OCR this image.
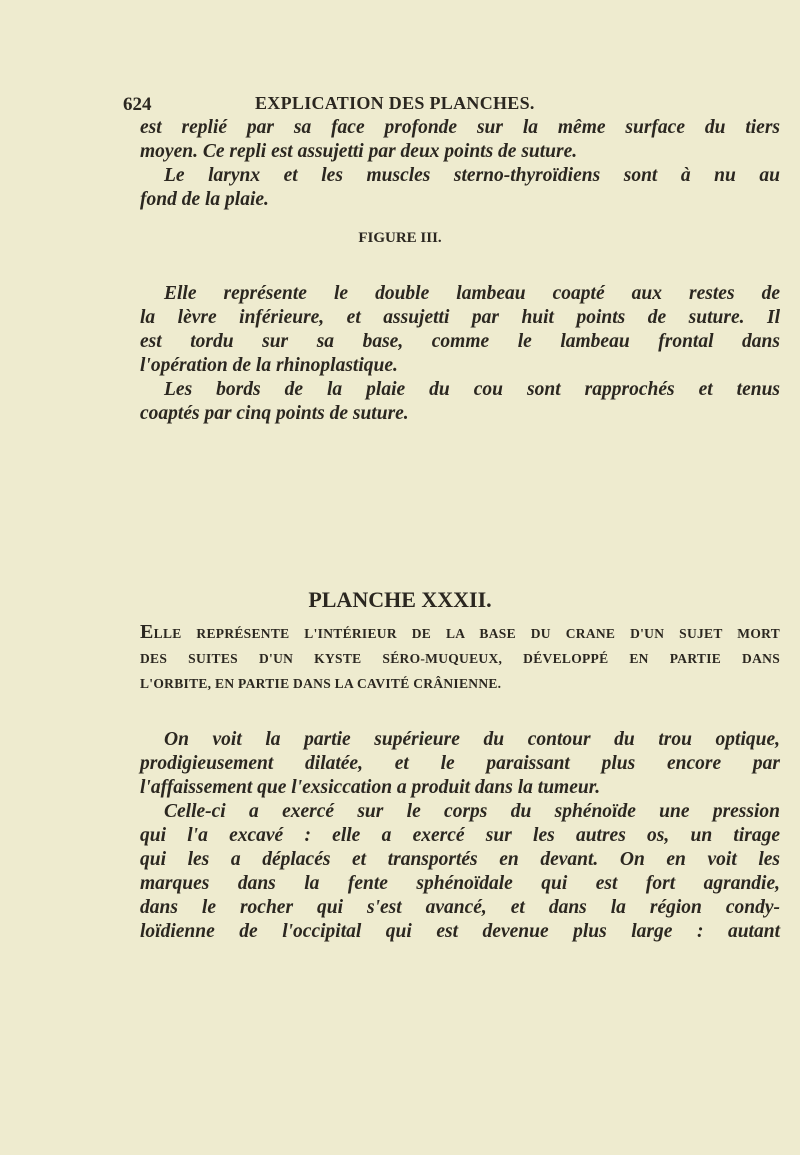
624	EXPLICATION DES PLANCHES.
est replié par sa face profonde sur la même surface du tiers
moyen. Ce repli est assujetti par deux points de suture.
Le larynx et les muscles sterno-thyroïdiens sont à nu au
fond de la plaie.
FIGURE III.
Elle représente le double lambeau coapté aux restes de
la lèvre inférieure, et assujetti par huit points de suture. Il
est tordu sur sa base, comme le lambeau frontal dans
l'opération de la rhinoplastique.
Les bords de la plaie du cou sont rapprochés et tenus
coaptés par cinq points de suture.
PLANCHE XXXII.
ELLE REPRÉSENTE L'INTÉRIEUR DE LA BASE DU CRANE D'UN SUJET MORT
DES SUITES D'UN KYSTE SÉRO-MUQUEUX, DÉVELOPPÉ EN PARTIE DANS
L'ORBITE, EN PARTIE DANS LA CAVITÉ CRÂNIENNE.
On voit la partie supérieure du contour du trou optique,
prodigieusement dilatée, et le paraissant plus encore par
l'affaissement que l'exsiccation a produit dans la tumeur.
Celle-ci a exercé sur le corps du sphénoïde une pression
qui l'a excavé : elle a exercé sur les autres os, un tirage
qui les a déplacés et transportés en devant. On en voit les
marques dans la fente sphénoïdale qui est fort agrandie,
dans le rocher qui s'est avancé, et dans la région condy-
loïdienne de l'occipital qui est devenue plus large : autant
